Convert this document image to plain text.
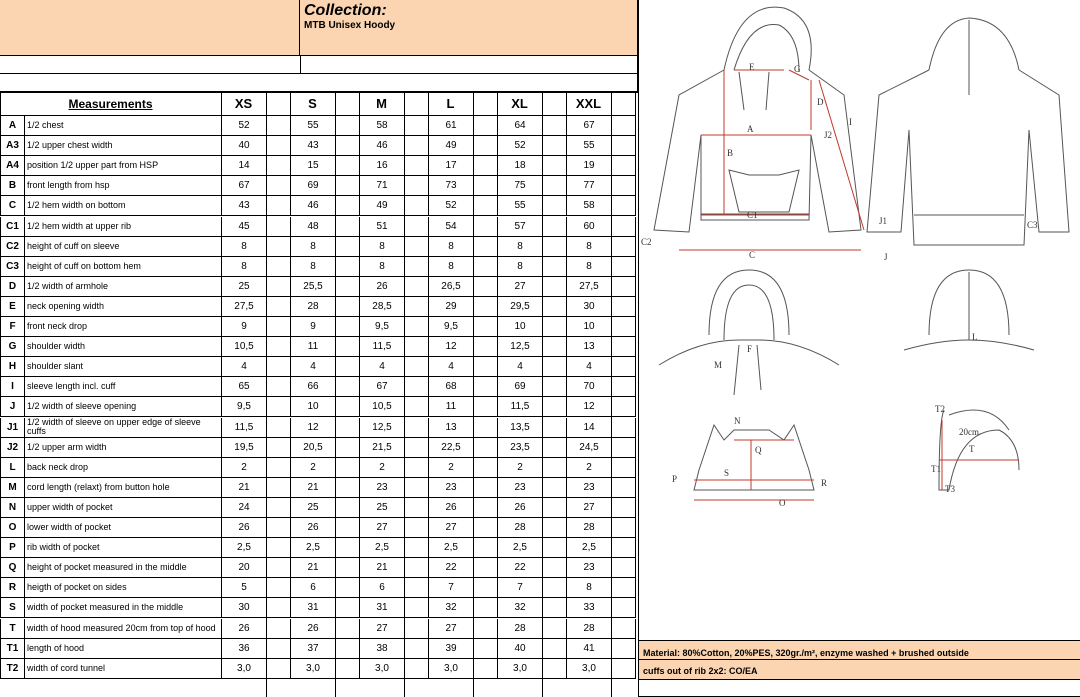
Collection:
MTB Unisex Hoody
Measurements	XS	S	M	L	XL	XXL
A	1/2 chest	52	55	58	61	64	67
A3 1/2 upper chest width	40	43	46	49	52	55
A4 position 1/2 upper part from HSP	14	15	16	17	18	19
B	front length from hsp	67	69	71	73	75	77
C	1/2 hem width on bottom	43	46	49	52	55	58
C1 1/2 hem width at upper rib	45	48	51	54	57	60
C2 height of cuff on sleeve	8	8	8	8	8	8
C3 height of cuff on bottom hem	8	8	8	8	8	8
D	1/2 width of armhole	25	25,5	26	26,5	27	27,5
E	neck opening width	27,5	28	28,5	29	29,5	30
F	front neck drop	9	9	9,5	9,5	10	10
G	shoulder width	10,5	11	11,5	12	12,5	13
H	shoulder slant	4	4	4	4	4	4
I	sleeve length incl. cuff	65	66	67	68	69	70
J	1/2 width of sleeve opening	9,5	10	10,5	11	11,5	12
J1 1/2 width of sleeve on upper edge of sleeve cuffs	11,5	12	12,5	13	13,5	14
J2 1/2 upper arm width	19,5	20,5	21,5	22,5	23,5	24,5
L	back neck drop	2	2	2	2	2	2
M	cord length (relaxt) from button hole	21	21	23	23	23	23
N	upper width of pocket	24	25	25	26	26	27
O	lower width of pocket	26	26	27	27	28	28
P	rib width of pocket	2,5	2,5	2,5	2,5	2,5	2,5
Q	height of pocket measured in the middle	20	21	21	22	22	23
R	heigth of pocket on sides	5	6	6	7	7	8
S	width of pocket measured in the middle	30	31	31	32	32	33
T	width of hood measured 20cm from top of hood	26	26	27	27	28	28
T1 length of hood	36	37	38	39	40	41
T2 width of cord tunnel	3,0	3,0	3,0	3,0	3,0	3,0
E	G
D
I
A
J2
B
C1
C
C2
J1	C3
J
F
M
L
N
Q
S
P	R
O
T2
20cm
T
T1
T3
Material: 80%Cotton, 20%PES, 320gr./m², enzyme washed + brushed outside
cuffs out of rib 2x2: CO/EA
